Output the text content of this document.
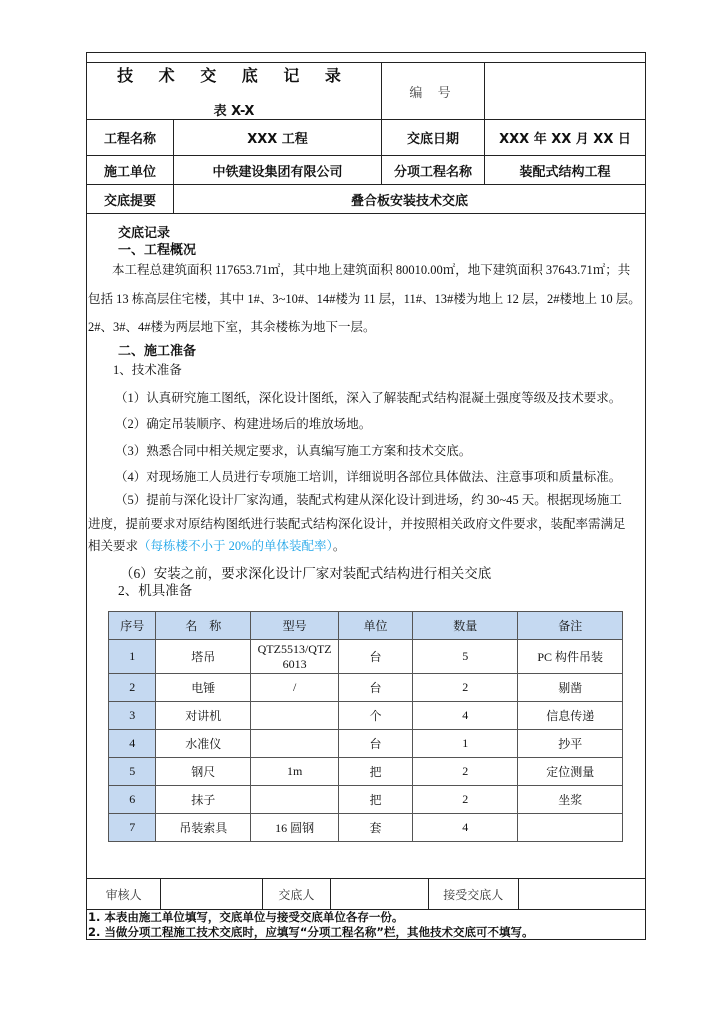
技 术 交 底 记 录
表 X-X		编 号	
工程名称	XXX 工程	交底日期	XXX 年 XX 月 XX 日
施工单位	中铁建设集团有限公司	分项工程名称	装配式结构工程
交底提要	叠合板安装技术交底		

交底记录

一、工程概况

本工程总建筑面积 117653.71㎡，其中地上建筑面积 80010.00㎡，地下建筑面积 37643.71㎡；共

包括 13 栋高层住宅楼，其中 1#、3~10#、14#楼为 11 层，11#、13#楼为地上 12 层，2#楼地上 10 层。

2#、3#、4#楼为两层地下室，其余楼栋为地下一层。

二、施工准备

1、技术准备

（1）认真研究施工图纸，深化设计图纸，深入了解装配式结构混凝土强度等级及技术要求。

（2）确定吊装顺序、构建进场后的堆放场地。

（3）熟悉合同中相关规定要求，认真编写施工方案和技术交底。

（4）对现场施工人员进行专项施工培训，详细说明各部位具体做法、注意事项和质量标准。

（5）提前与深化设计厂家沟通，装配式构建从深化设计到进场，约 30~45 天。根据现场施工

进度，提前要求对原结构图纸进行装配式结构深化设计，并按照相关政府文件要求，装配率需满足

相关要求（每栋楼不小于 20%的单体装配率）。

（6）安装之前，要求深化设计厂家对装配式结构进行相关交底

2、机具准备

序号	名　称	型号	单位	数量	备注
1	塔吊	QTZ5513/QTZ6013	台	5	PC 构件吊装
2	电锤	/	台	2	剔凿
3	对讲机		个	4	信息传递
4	水准仪		台	1	抄平
5	钢尺	1m	把	2	定位测量
6	抹子		把	2	坐浆
7	吊装索具	16 圆钢	套	4	
审核人		交底人		接受交底人	
1. 本表由施工单位填写，交底单位与接受交底单位各存一份。
2. 当做分项工程施工技术交底时，应填写“分项工程名称”栏，其他技术交底可不填写。
